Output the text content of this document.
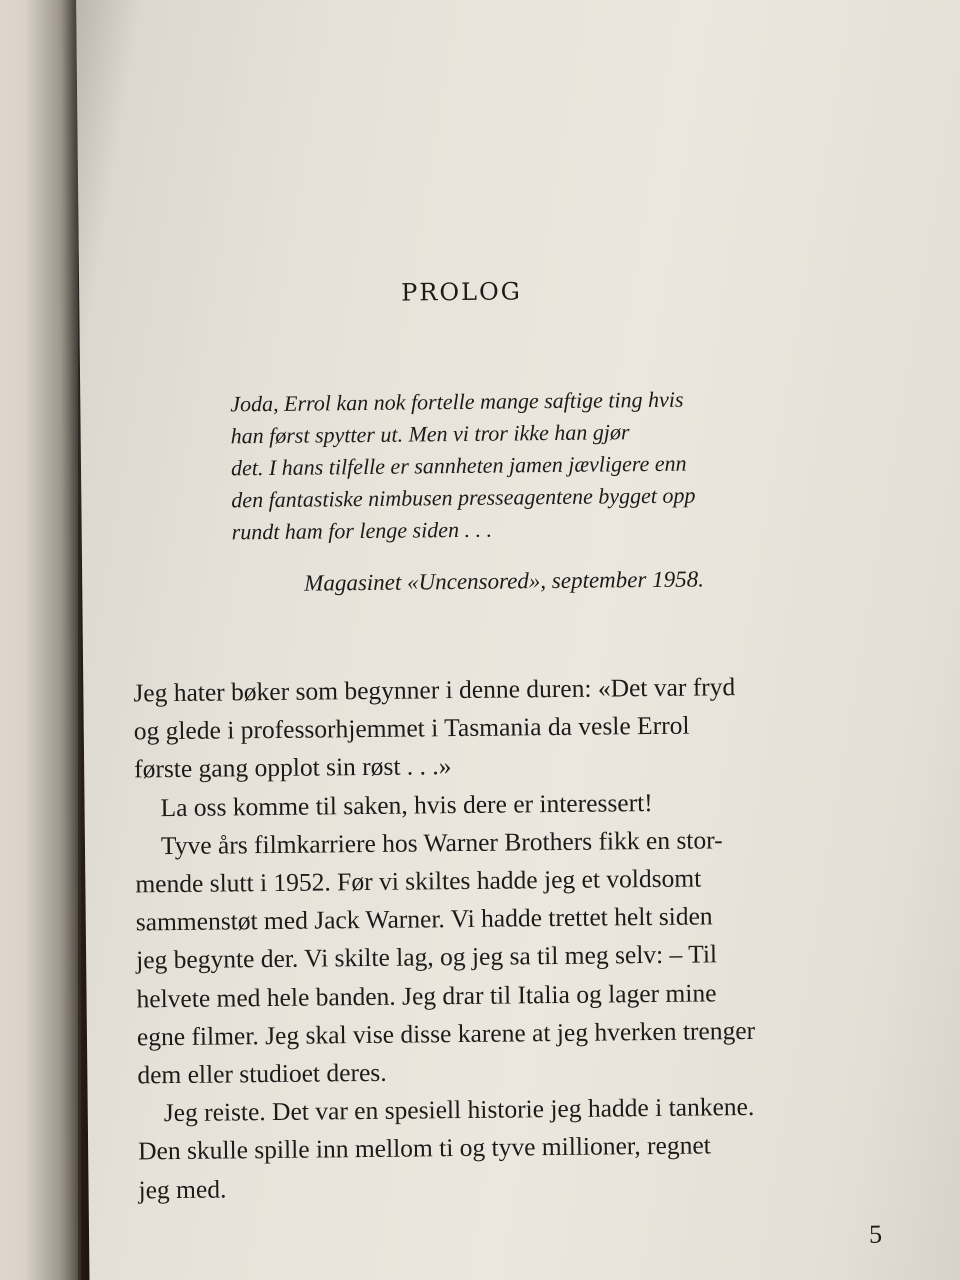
PROLOG
Joda, Errol kan nok fortelle mange saftige ting hvis
han først spytter ut. Men vi tror ikke han gjør
det. I hans tilfelle er sannheten jamen jævligere enn
den fantastiske nimbusen presseagentene bygget opp
rundt ham for lenge siden . . .
Magasinet «Uncensored», september 1958.
Jeg hater bøker som begynner i denne duren: «Det var fryd
og glede i professorhjemmet i Tasmania da vesle Errol
første gang opplot sin røst . . .»
La oss komme til saken, hvis dere er interessert!
Tyve års filmkarriere hos Warner Brothers fikk en stor-
mende slutt i 1952. Før vi skiltes hadde jeg et voldsomt
sammenstøt med Jack Warner. Vi hadde trettet helt siden
jeg begynte der. Vi skilte lag, og jeg sa til meg selv: – Til
helvete med hele banden. Jeg drar til Italia og lager mine
egne filmer. Jeg skal vise disse karene at jeg hverken trenger
dem eller studioet deres.
Jeg reiste. Det var en spesiell historie jeg hadde i tankene.
Den skulle spille inn mellom ti og tyve millioner, regnet
jeg med.
5
